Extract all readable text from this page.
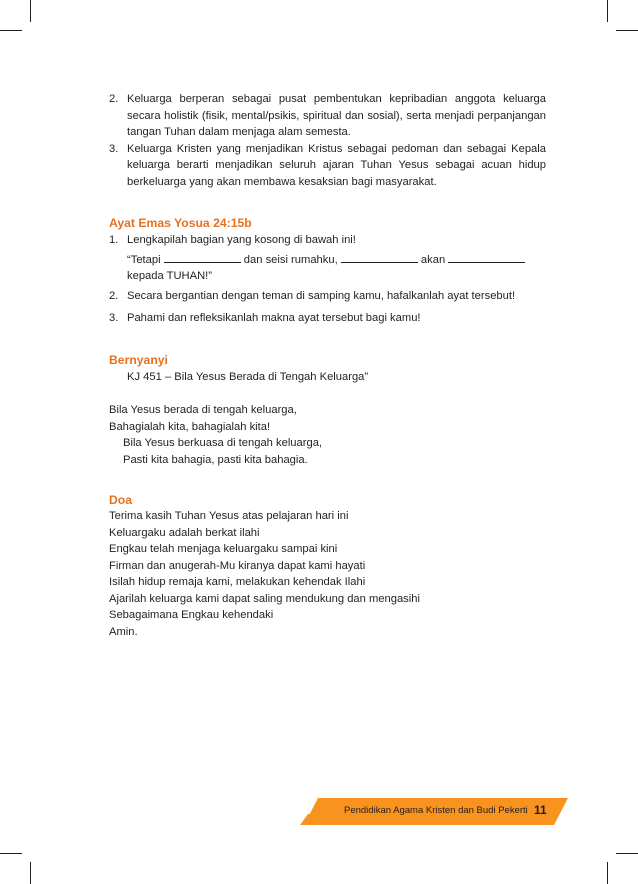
2. Keluarga berperan sebagai pusat pembentukan kepribadian anggota keluarga secara holistik (fisik, mental/psikis, spiritual dan sosial), serta menjadi perpanjangan tangan Tuhan dalam menjaga alam semesta.
3. Keluarga Kristen yang menjadikan Kristus sebagai pedoman dan sebagai Kepala keluarga berarti menjadikan seluruh ajaran Tuhan Yesus sebagai acuan hidup berkeluarga yang akan membawa kesaksian bagi masyarakat.
Ayat Emas Yosua 24:15b
1. Lengkapilah bagian yang kosong di bawah ini!
“Tetapi	dan seisi rumahku,	akan
kepada TUHAN!”
2. Secara bergantian dengan teman di samping kamu, hafalkanlah ayat tersebut!
3. Pahami dan refleksikanlah makna ayat tersebut bagi kamu!
Bernyanyi
KJ 451 – Bila Yesus Berada di Tengah Keluarga”
Bila Yesus berada di tengah keluarga,
Bahagialah kita, bahagialah kita!
Bila Yesus berkuasa di tengah keluarga,
Pasti kita bahagia, pasti kita bahagia.
Doa
Terima kasih Tuhan Yesus atas pelajaran hari ini
Keluargaku adalah berkat ilahi
Engkau telah menjaga keluargaku sampai kini
Firman dan anugerah-Mu kiranya dapat kami hayati
Isilah hidup remaja kami, melakukan kehendak Ilahi
Ajarilah keluarga kami dapat saling mendukung dan mengasihi
Sebagaimana Engkau kehendaki
Amin.
Pendidikan Agama Kristen dan Budi Pekerti 11
